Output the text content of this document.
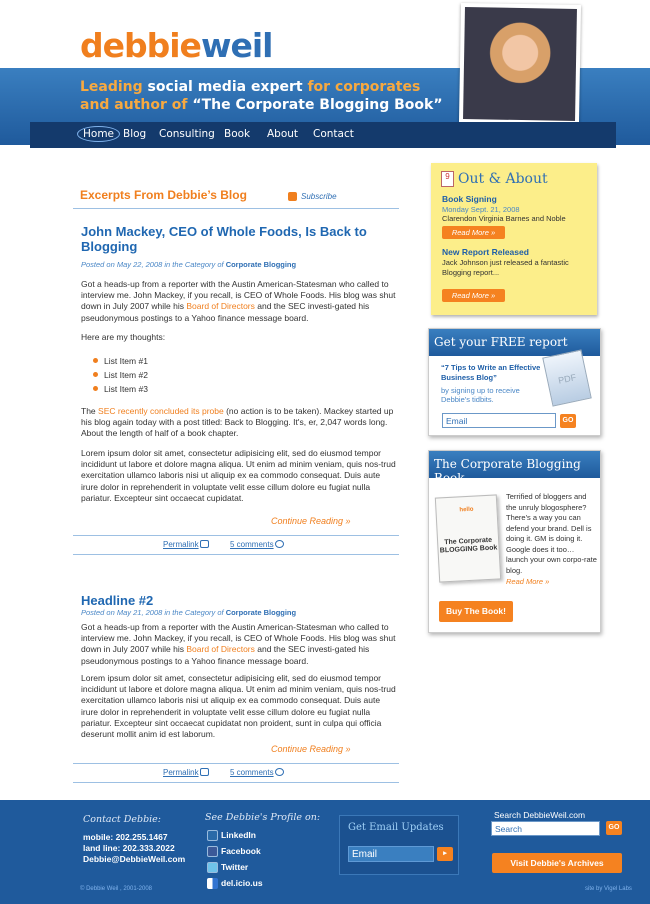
debbieweil
Leading social media expert for corporates
and author of “The Corporate Blogging Book”
Home Blog Consulting Book About Contact
Excerpts From Debbie’s Blog	Subscribe
John Mackey, CEO of Whole Foods, Is Back to Blogging
Posted on May 22, 2008 in the Category of Corporate Blogging
Got a heads-up from a reporter with the Austin American-Statesman who called to interview me. John Mackey, if you recall, is CEO of Whole Foods. His blog was shut down in July 2007 while his Board of Directors and the SEC investi-gated his pseudonymous postings to a Yahoo finance message board.
Here are my thoughts:
List Item #1
List Item #2
List Item #3
The SEC recently concluded its probe (no action is to be taken). Mackey started up his blog again today with a post titled: Back to Blogging. It's, er, 2,047 words long. About the length of half of a book chapter.
Lorem ipsum dolor sit amet, consectetur adipisicing elit, sed do eiusmod tempor incididunt ut labore et dolore magna aliqua. Ut enim ad minim veniam, quis nos-trud exercitation ullamco laboris nisi ut aliquip ex ea commodo consequat. Duis aute irure dolor in reprehenderit in voluptate velit esse cillum dolore eu fugiat nulla pariatur. Excepteur sint occaecat cupidatat.
Continue Reading »
Permalink	5 comments
Headline #2
Posted on May 21, 2008 in the Category of Corporate Blogging
Got a heads-up from a reporter with the Austin American-Statesman who called to interview me. John Mackey, if you recall, is CEO of Whole Foods. His blog was shut down in July 2007 while his Board of Directors and the SEC investi-gated his pseudonymous postings to a Yahoo finance message board.
Lorem ipsum dolor sit amet, consectetur adipisicing elit, sed do eiusmod tempor incididunt ut labore et dolore magna aliqua. Ut enim ad minim veniam, quis nos-trud exercitation ullamco laboris nisi ut aliquip ex ea commodo consequat. Duis aute irure dolor in reprehenderit in voluptate velit esse cillum dolore eu fugiat nulla pariatur. Excepteur sint occaecat cupidatat non proident, sunt in culpa qui officia deserunt mollit anim id est laborum.
Continue Reading »
Permalink	5 comments
9 Out & About
Book Signing
Monday Sept. 21, 2008
Clarendon Virginia Barnes and Noble
Read More »
New Report Released
Jack Johnson just released a fantastic Blogging report...
Read More »
Get your FREE report
“7 Tips to Write an Effective Business Blog”
by signing up to receive Debbie's tidbits.
PDF
Email	GO
The Corporate Blogging Book
hello
The Corporate BLOGGING Book
Terrified of bloggers and the unruly blogosphere? There's a way you can defend your brand. Dell is doing it. GM is doing it. Google does it too… launch your own corpo-rate blog.
Read More »
Buy The Book!
Contact Debbie:
mobile: 202.255.1467
land line: 202.333.2022
Debbie@DebbieWeil.com
See Debbie's Profile on:
LinkedIn
Facebook
Twitter
del.icio.us
© Debbie Weil , 2001-2008	site by Vigel Labs
Search DebbieWeil.com
Search	GO
Visit Debbie's Archives
Get Email Updates
Email	▸
